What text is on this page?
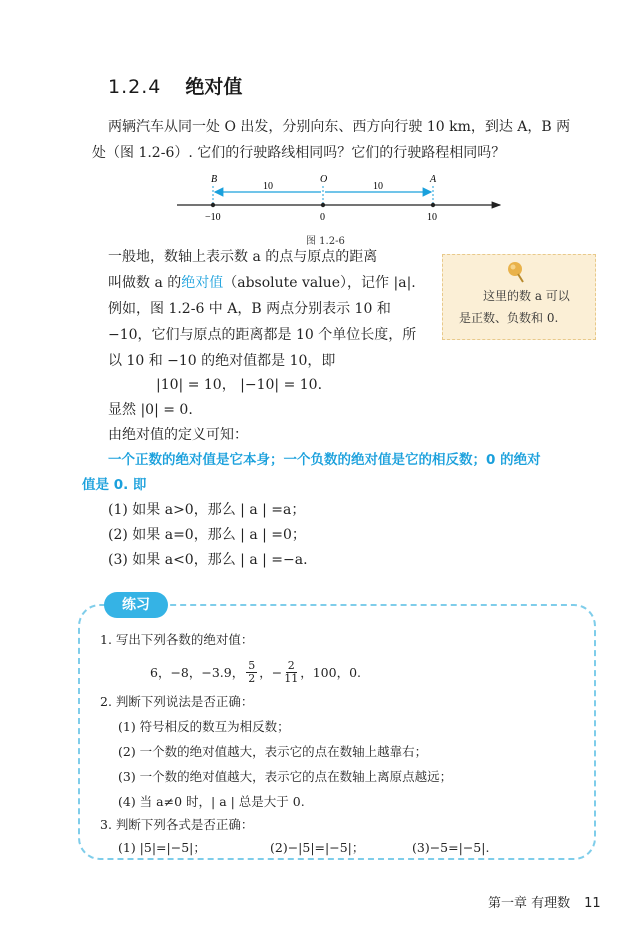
1.2.4 绝对值
两辆汽车从同一处 O 出发，分别向东、西方向行驶 10 km，到达 A，B 两
处（图 1.2-6）. 它们的行驶路线相同吗？它们的行驶路程相同吗？
B	O	A
10	10
−10	0	10
图 1.2-6
一般地，数轴上表示数 a 的点与原点的距离
叫做数 a 的绝对值（absolute value），记作 |a|.
例如，图 1.2-6 中 A，B 两点分别表示 10 和
−10，它们与原点的距离都是 10 个单位长度，所
以 10 和 −10 的绝对值都是 10，即
这里的数 a 可以
是正数、负数和 0.
|10| = 10， |−10| = 10.
显然 |0| = 0.
由绝对值的定义可知：
一个正数的绝对值是它本身；一个负数的绝对值是它的相反数；0 的绝对
值是 0. 即
(1) 如果 a>0，那么 | a | =a；
(2) 如果 a=0，那么 | a | =0；
(3) 如果 a<0，那么 | a | =−a.
练习
1. 写出下列各数的绝对值：
6，−8，−3.9， $\frac{5}{2}$ ，− $\frac{2}{11}$ ，100，0.
2. 判断下列说法是否正确：
(1) 符号相反的数互为相反数；
(2) 一个数的绝对值越大，表示它的点在数轴上越靠右；
(3) 一个数的绝对值越大，表示它的点在数轴上离原点越远；
(4) 当 a≠0 时，| a | 总是大于 0.
3. 判断下列各式是否正确：
(1) |5|=|−5|；	(2)−|5|=|−5|；	(3)−5=|−5|.
第一章 有理数 11
